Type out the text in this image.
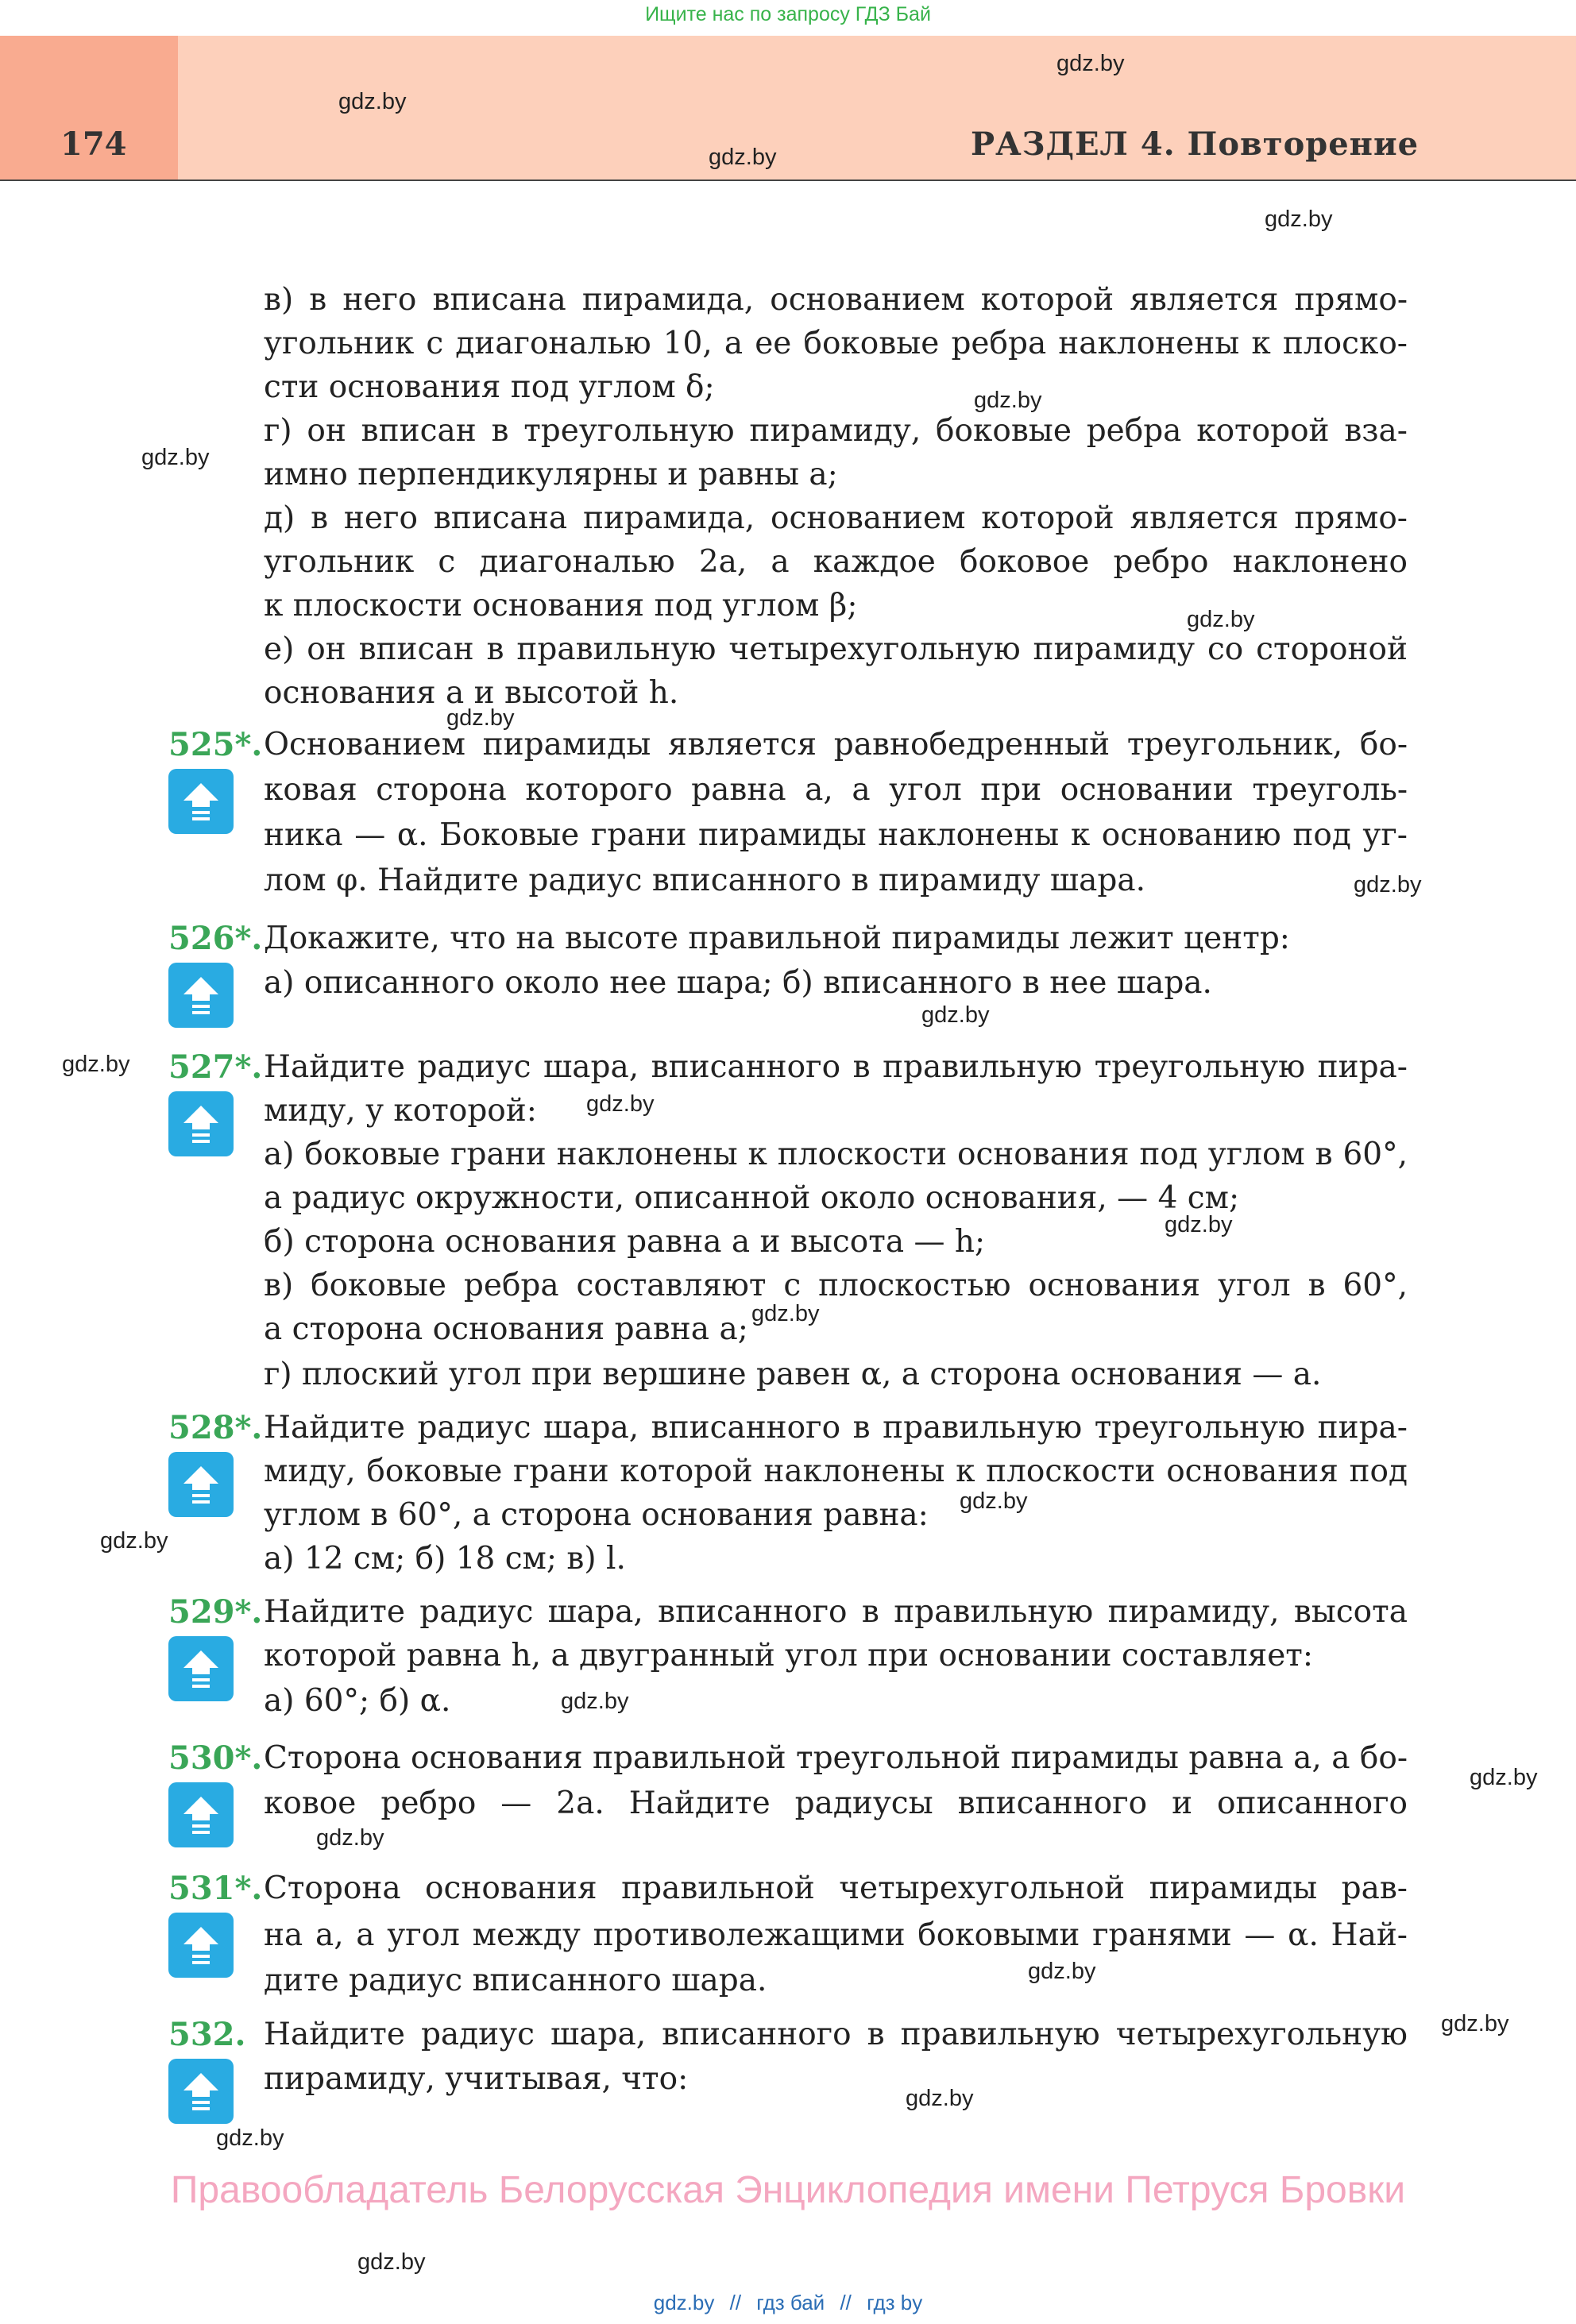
Ищите нас по запросу ГДЗ Бай
174	РАЗДЕЛ 4. Повторение
gdz.by
gdz.by
gdz.by
gdz.by
gdz.by
gdz.by
gdz.by
gdz.by
gdz.by
gdz.by
gdz.by
gdz.by
gdz.by
gdz.by
gdz.by
gdz.by
gdz.by
gdz.by
gdz.by
gdz.by
gdz.by
gdz.by
gdz.by
gdz.by
в) в него вписана пирамида, основанием которой является прямо-
угольник с диагональю 10, а ее боковые ребра наклонены к плоско-
сти основания под углом δ;
г) он вписан в треугольную пирамиду, боковые ребра которой вза-
имно перпендикулярны и равны a;
д) в него вписана пирамида, основанием которой является прямо-
угольник с диагональю 2a, а каждое боковое ребро наклонено
к плоскости основания под углом β;
е) он вписан в правильную четырехугольную пирамиду со стороной
основания a и высотой h.
525*. Основанием пирамиды является равнобедренный треугольник, бо-
ковая сторона которого равна a, а угол при основании треуголь-
ника — α. Боковые грани пирамиды наклонены к основанию под уг-
лом φ. Найдите радиус вписанного в пирамиду шара.
526*. Докажите, что на высоте правильной пирамиды лежит центр:
а) описанного около нее шара; б) вписанного в нее шара.
527*. Найдите радиус шара, вписанного в правильную треугольную пира-
миду, у которой:
а) боковые грани наклонены к плоскости основания под углом в 60°,
а радиус окружности, описанной около основания, — 4 см;
б) сторона основания равна a и высота — h;
в) боковые ребра составляют с плоскостью основания угол в 60°,
а сторона основания равна a;
г) плоский угол при вершине равен α, а сторона основания — a.
528*. Найдите радиус шара, вписанного в правильную треугольную пира-
миду, боковые грани которой наклонены к плоскости основания под
углом в 60°, а сторона основания равна:
а) 12 см; б) 18 см; в) l.
529*. Найдите радиус шара, вписанного в правильную пирамиду, высота
которой равна h, а двугранный угол при основании составляет:
а) 60°; б) α.
530*. Сторона основания правильной треугольной пирамиды равна a, а бо-
ковое ребро — 2a. Найдите радиусы вписанного и описанного
531*. Сторона основания правильной четырехугольной пирамиды рав-
на a, а угол между противолежащими боковыми гранями — α. Най-
дите радиус вписанного шара.
532. Найдите радиус шара, вписанного в правильную четырехугольную
пирамиду, учитывая, что:
Правообладатель Белорусская Энциклопедия имени Петруся Бровки
gdz.by // гдз бай // гдз by
